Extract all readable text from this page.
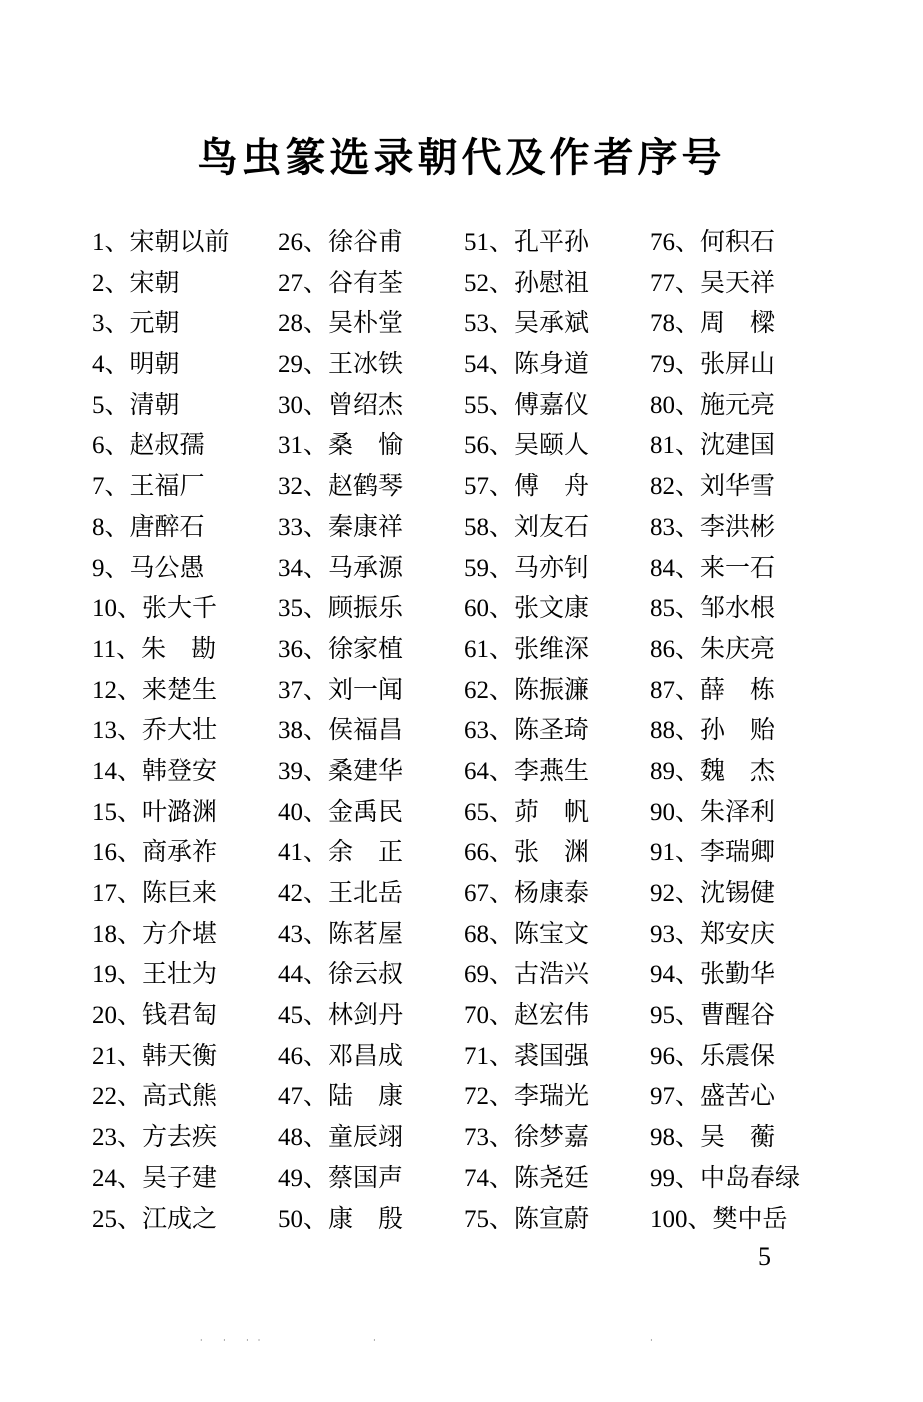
鸟虫篆选录朝代及作者序号
1、宋朝以前
2、宋朝
3、元朝
4、明朝
5、清朝
6、赵叔孺
7、王福厂
8、唐醉石
9、马公愚
10、张大千
11、朱　勘
12、来楚生
13、乔大壮
14、韩登安
15、叶潞渊
16、商承祚
17、陈巨来
18、方介堪
19、王壮为
20、钱君匋
21、韩天衡
22、高式熊
23、方去疾
24、吴子建
25、江成之
26、徐谷甫
27、谷有荃
28、吴朴堂
29、王冰铁
30、曾绍杰
31、桑　愉
32、赵鹤琴
33、秦康祥
34、马承源
35、顾振乐
36、徐家植
37、刘一闻
38、侯福昌
39、桑建华
40、金禹民
41、余　正
42、王北岳
43、陈茗屋
44、徐云叔
45、林剑丹
46、邓昌成
47、陆　康
48、童辰翊
49、蔡国声
50、康　殷
51、孔平孙
52、孙慰祖
53、吴承斌
54、陈身道
55、傅嘉仪
56、吴颐人
57、傅　舟
58、刘友石
59、马亦钊
60、张文康
61、张维深
62、陈振濂
63、陈圣琦
64、李燕生
65、茆　帆
66、张　渊
67、杨康泰
68、陈宝文
69、古浩兴
70、赵宏伟
71、裘国强
72、李瑞光
73、徐梦嘉
74、陈尧廷
75、陈宣蔚
76、何积石
77、吴天祥
78、周　樑
79、张屏山
80、施元亮
81、沈建国
82、刘华雪
83、李洪彬
84、来一石
85、邹水根
86、朱庆亮
87、薛　栋
88、孙　贻
89、魏　杰
90、朱泽利
91、李瑞卿
92、沈锡健
93、郑安庆
94、张勤华
95、曹醒谷
96、乐震保
97、盛苦心
98、吴　蘅
99、中岛春绿
100、樊中岳
5
· · ··         ·                       ·
